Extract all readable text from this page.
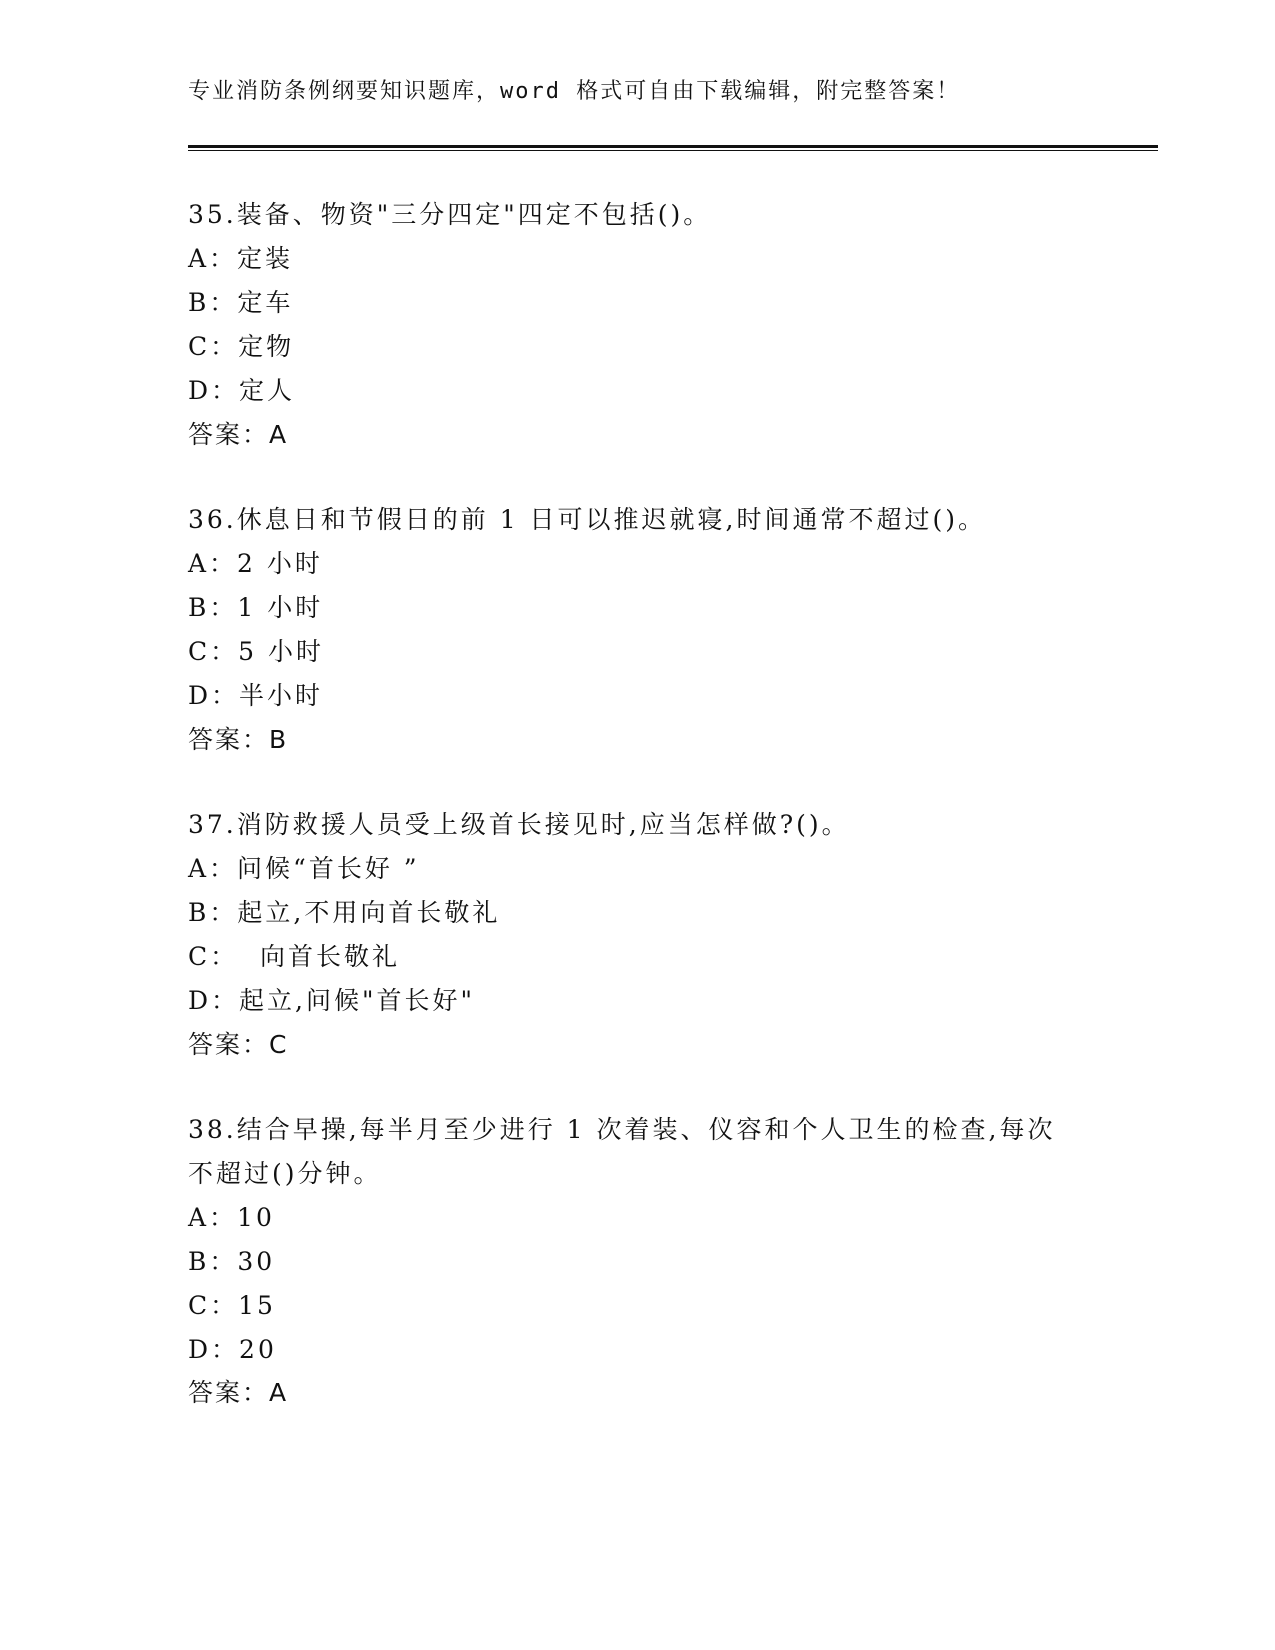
专业消防条例纲要知识题库，word 格式可自由下载编辑，附完整答案！
35.装备、物资"三分四定"四定不包括()。
A：定装
B：定车
C：定物
D：定人
答案：A
36.休息日和节假日的前 1 日可以推迟就寝,时间通常不超过()。
A：2 小时
B：1 小时
C：5 小时
D：半小时
答案：B
37.消防救援人员受上级首长接见时,应当怎样做?()。
A：问候“首长好 ”
B：起立,不用向首长敬礼
C：  向首长敬礼
D：起立,问候"首长好"
答案：C
38.结合早操,每半月至少进行 1 次着装、仪容和个人卫生的检查,每次
不超过()分钟。
A：10
B：30
C：15
D：20
答案：A
